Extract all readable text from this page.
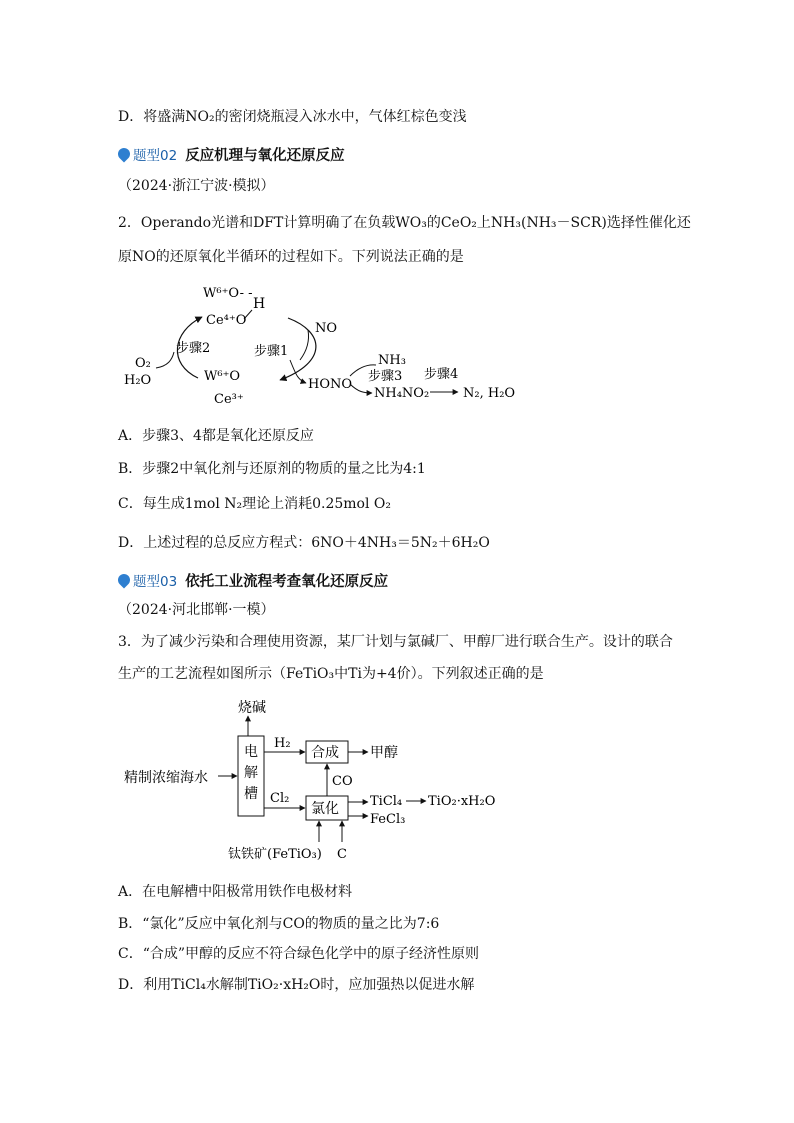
D．将盛满NO₂的密闭烧瓶浸入冰水中，气体红棕色变浅
题型02 反应机理与氧化还原反应
（2024·浙江宁波·模拟）
2．Operando光谱和DFT计算明确了在负载WO₃的CeO₂上NH₃(NH₃－SCR)选择性催化还
原NO的还原氧化半循环的过程如下。下列说法正确的是
W⁶⁺O- -
H
Ce⁴⁺O
步骤1
NO
HONO
步骤2
O₂
H₂O	W⁶⁺O
Ce³⁺
NH₃
步骤3
NH₄NO₂
步骤4
N₂, H₂O
A．步骤3、4都是氧化还原反应
B．步骤2中氧化剂与还原剂的物质的量之比为4:1
C．每生成1mol N₂理论上消耗0.25mol O₂
D．上述过程的总反应方程式：6NO＋4NH₃＝5N₂＋6H₂O
题型03 依托工业流程考查氧化还原反应
（2024·河北邯郸·一模）
3．为了减少污染和合理使用资源，某厂计划与氯碱厂、甲醇厂进行联合生产。设计的联合
生产的工艺流程如图所示（FeTiO₃中Ti为+4价）。下列叙述正确的是
烧碱
电
解
槽
精制浓缩海水
H₂
合成 甲醇
Cl₂
氯化
CO
TiCl₄ TiO₂·xH₂O
FeCl₃
钛铁矿(FeTiO₃) C
A．在电解槽中阳极常用铁作电极材料
B．“氯化”反应中氧化剂与CO的物质的量之比为7:6
C．“合成”甲醇的反应不符合绿色化学中的原子经济性原则
D．利用TiCl₄水解制TiO₂·xH₂O时，应加强热以促进水解
